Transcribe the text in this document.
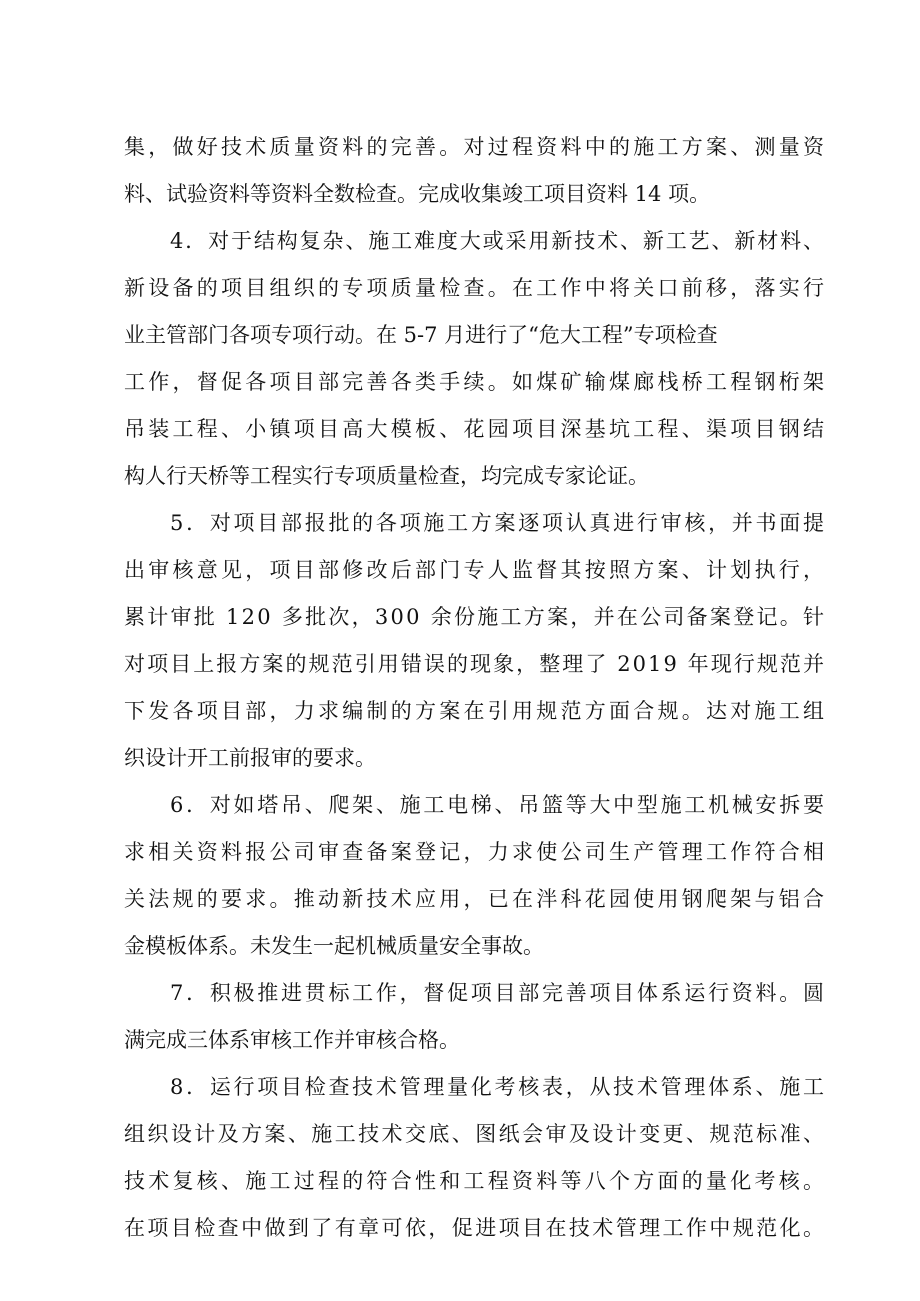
集，做好技术质量资料的完善。对过程资料中的施工方案、测量资
料、试验资料等资料全数检查。完成收集竣工项目资料 14 项。
4．对于结构复杂、施工难度大或采用新技术、新工艺、新材料、
新设备的项目组织的专项质量检查。在工作中将关口前移，落实行
业主管部门各项专项行动。在 5-7 月进行了“危大工程”专项检查
工作，督促各项目部完善各类手续。如煤矿输煤廊栈桥工程钢桁架
吊装工程、小镇项目高大模板、花园项目深基坑工程、渠项目钢结
构人行天桥等工程实行专项质量检查，均完成专家论证。
5．对项目部报批的各项施工方案逐项认真进行审核，并书面提
出审核意见，项目部修改后部门专人监督其按照方案、计划执行，
累计审批 120 多批次，300 余份施工方案，并在公司备案登记。针
对项目上报方案的规范引用错误的现象，整理了 2019 年现行规范并
下发各项目部，力求编制的方案在引用规范方面合规。达对施工组
织设计开工前报审的要求。
6．对如塔吊、爬架、施工电梯、吊篮等大中型施工机械安拆要
求相关资料报公司审查备案登记，力求使公司生产管理工作符合相
关法规的要求。推动新技术应用，已在泮科花园使用钢爬架与铝合
金模板体系。未发生一起机械质量安全事故。
7．积极推进贯标工作，督促项目部完善项目体系运行资料。圆
满完成三体系审核工作并审核合格。
8．运行项目检查技术管理量化考核表，从技术管理体系、施工
组织设计及方案、施工技术交底、图纸会审及设计变更、规范标准、
技术复核、施工过程的符合性和工程资料等八个方面的量化考核。
在项目检查中做到了有章可依，促进项目在技术管理工作中规范化。
